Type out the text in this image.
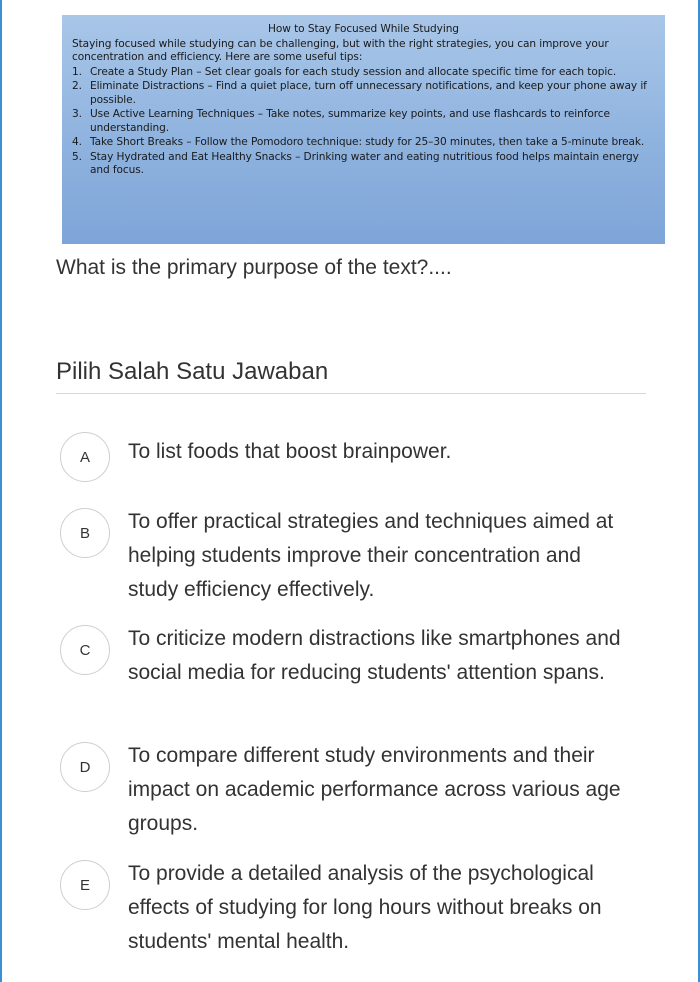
How to Stay Focused While Studying
Staying focused while studying can be challenging, but with the right strategies, you can improve your concentration and efficiency. Here are some useful tips:
1. Create a Study Plan – Set clear goals for each study session and allocate specific time for each topic.
2. Eliminate Distractions – Find a quiet place, turn off unnecessary notifications, and keep your phone away if possible.
3. Use Active Learning Techniques – Take notes, summarize key points, and use flashcards to reinforce understanding.
4. Take Short Breaks – Follow the Pomodoro technique: study for 25–30 minutes, then take a 5-minute break.
5. Stay Hydrated and Eat Healthy Snacks – Drinking water and eating nutritious food helps maintain energy and focus.
What is the primary purpose of the text?....
Pilih Salah Satu Jawaban
A	To list foods that boost brainpower.
B	To offer practical strategies and techniques aimed at helping students improve their concentration and study efficiency effectively.
C	To criticize modern distractions like smartphones and social media for reducing students' attention spans.
D	To compare different study environments and their impact on academic performance across various age groups.
E	To provide a detailed analysis of the psychological effects of studying for long hours without breaks on students' mental health.
